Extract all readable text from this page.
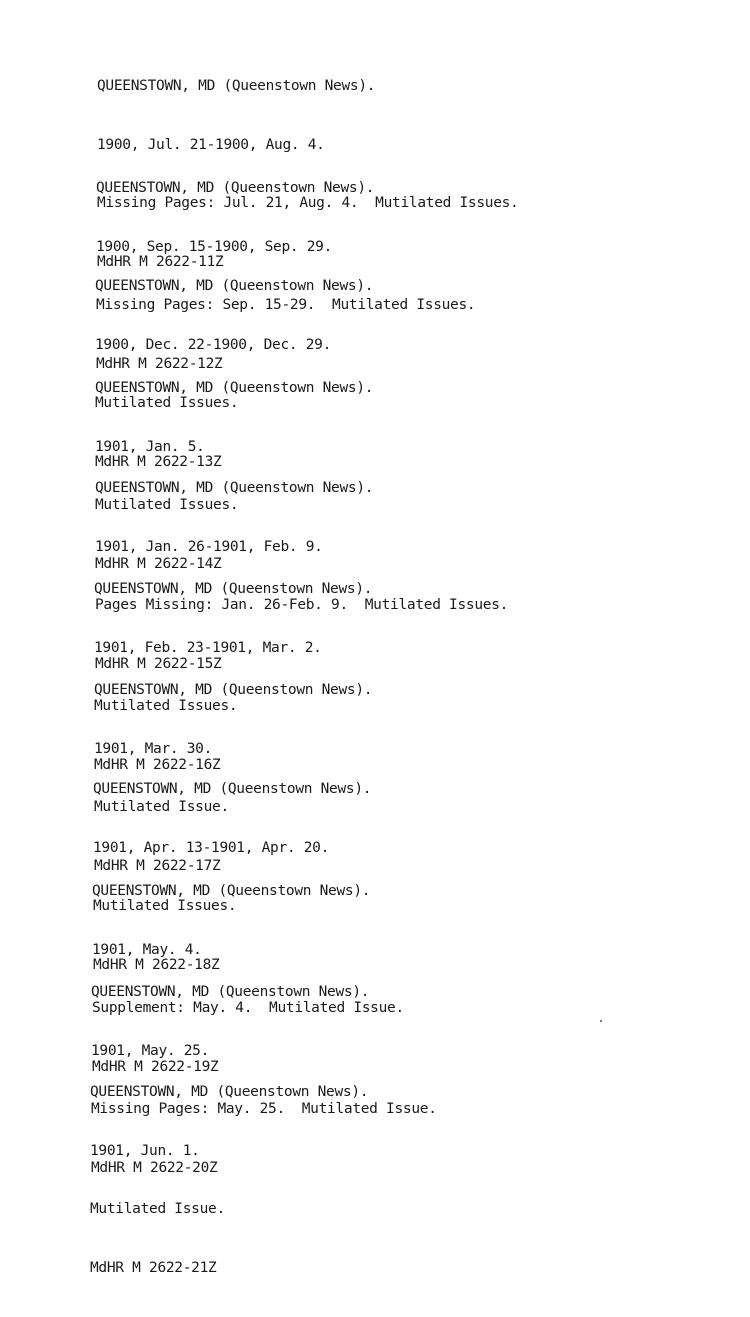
QUEENSTOWN, MD (Queenstown News).

1900, Jul. 21-1900, Aug. 4.

Missing Pages: Jul. 21, Aug. 4.  Mutilated Issues.

MdHR M 2622-11Z

QUEENSTOWN, MD (Queenstown News).

1900, Sep. 15-1900, Sep. 29.

Missing Pages: Sep. 15-29.  Mutilated Issues.

MdHR M 2622-12Z

QUEENSTOWN, MD (Queenstown News).

1900, Dec. 22-1900, Dec. 29.

Mutilated Issues.

MdHR M 2622-13Z

QUEENSTOWN, MD (Queenstown News).

1901, Jan. 5.

Mutilated Issues.

MdHR M 2622-14Z

QUEENSTOWN, MD (Queenstown News).

1901, Jan. 26-1901, Feb. 9.

Pages Missing: Jan. 26-Feb. 9.  Mutilated Issues.

MdHR M 2622-15Z

QUEENSTOWN, MD (Queenstown News).

1901, Feb. 23-1901, Mar. 2.

Mutilated Issues.

MdHR M 2622-16Z

QUEENSTOWN, MD (Queenstown News).

1901, Mar. 30.

Mutilated Issue.

MdHR M 2622-17Z

QUEENSTOWN, MD (Queenstown News).

1901, Apr. 13-1901, Apr. 20.

Mutilated Issues.

MdHR M 2622-18Z

QUEENSTOWN, MD (Queenstown News).

1901, May. 4.

Supplement: May. 4.  Mutilated Issue.

MdHR M 2622-19Z

QUEENSTOWN, MD (Queenstown News).

1901, May. 25.

Missing Pages: May. 25.  Mutilated Issue.

MdHR M 2622-20Z

QUEENSTOWN, MD (Queenstown News).

1901, Jun. 1.

Mutilated Issue.

MdHR M 2622-21Z
